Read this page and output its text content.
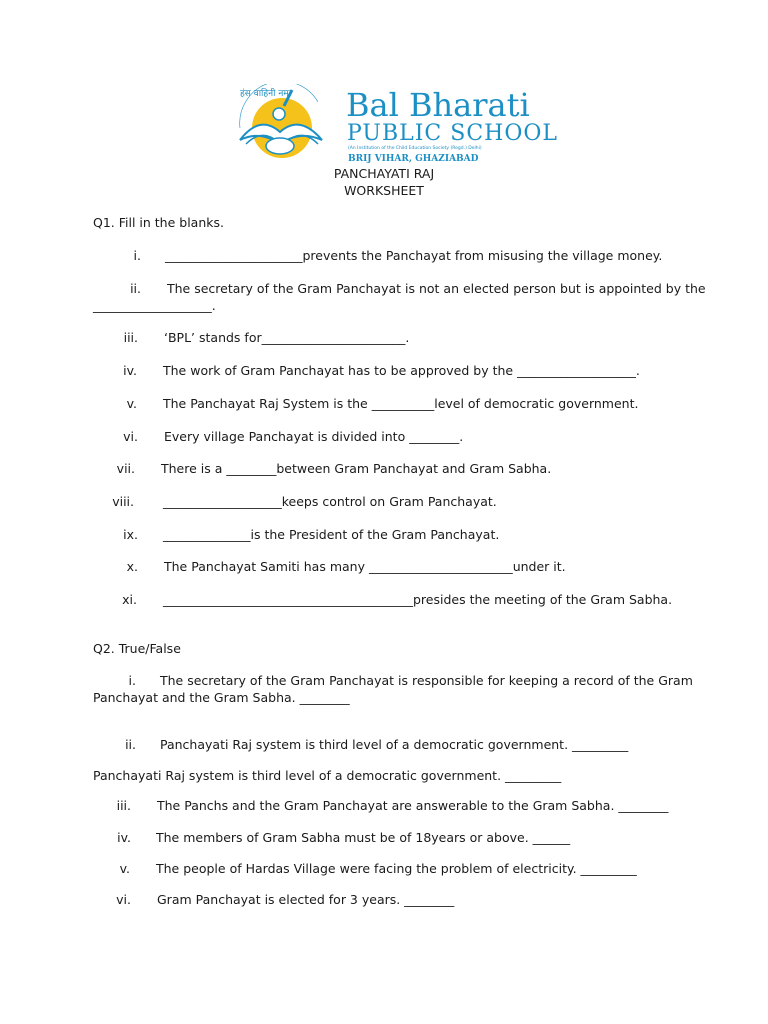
हंस वाहिनी नमः Bal Bharati
PUBLIC SCHOOL
(An Institution of the Child Education Society (Regd.) Delhi)
BRIJ VIHAR, GHAZIABAD
PANCHAYATI RAJ
WORKSHEET
Q1. Fill in the blanks.
i. ______________________prevents the Panchayat from misusing the village money.
ii. The secretary of the Gram Panchayat is not an elected person but is appointed by the
___________________.
iii. ‘BPL’ stands for_______________________.
iv. The work of Gram Panchayat has to be approved by the ___________________.
v. The Panchayat Raj System is the __________level of democratic government.
vi. Every village Panchayat is divided into ________.
vii. There is a ________between Gram Panchayat and Gram Sabha.
viii. ___________________keeps control on Gram Panchayat.
ix. ______________is the President of the Gram Panchayat.
x. The Panchayat Samiti has many _______________________under it.
xi. ________________________________________presides the meeting of the Gram Sabha.
Q2. True/False
i. The secretary of the Gram Panchayat is responsible for keeping a record of the Gram
Panchayat and the Gram Sabha. ________
ii. Panchayati Raj system is third level of a democratic government. _________
Panchayati Raj system is third level of a democratic government. _________
iii. The Panchs and the Gram Panchayat are answerable to the Gram Sabha. ________
iv. The members of Gram Sabha must be of 18years or above. ______
v. The people of Hardas Village were facing the problem of electricity. _________
vi. Gram Panchayat is elected for 3 years. ________
